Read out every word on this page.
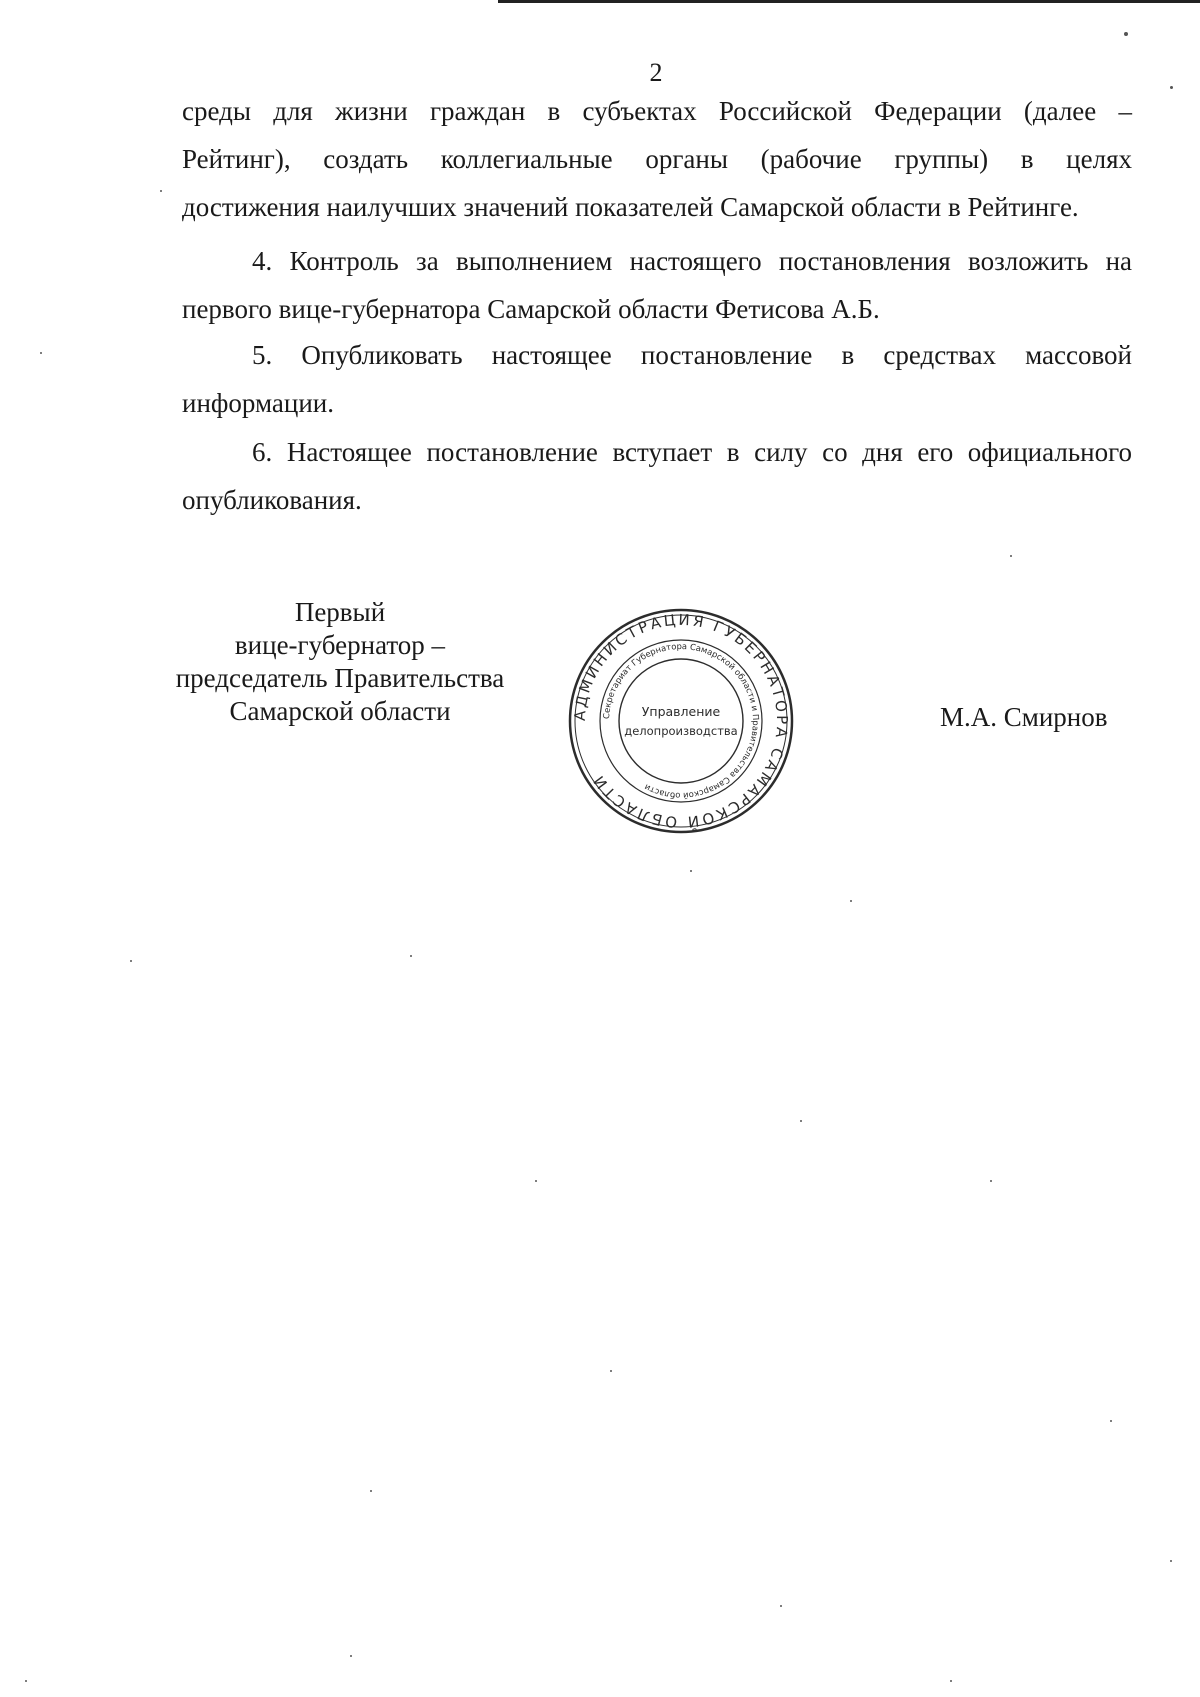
2
среды для жизни граждан в субъектах Российской Федерации (далее –
Рейтинг), создать коллегиальные органы (рабочие группы) в целях
достижения наилучших значений показателей Самарской области в Рейтинге.
4. Контроль за выполнением настоящего постановления возложить на первого вице-губернатора Самарской области Фетисова А.Б.
5. Опубликовать настоящее постановление в средствах массовой информации.
6. Настоящее постановление вступает в силу со дня его официального опубликования.
Первый
вице-губернатор –
председатель Правительства
Самарской области	М.А. Смирнов
АДМИНИСТРАЦИЯ ГУБЕРНАТОРА САМАРСКОЙ ОБЛАСТИ
Секретариат Губернатора Самарской области и Правительства Самарской области
Управление
делопроизводства
